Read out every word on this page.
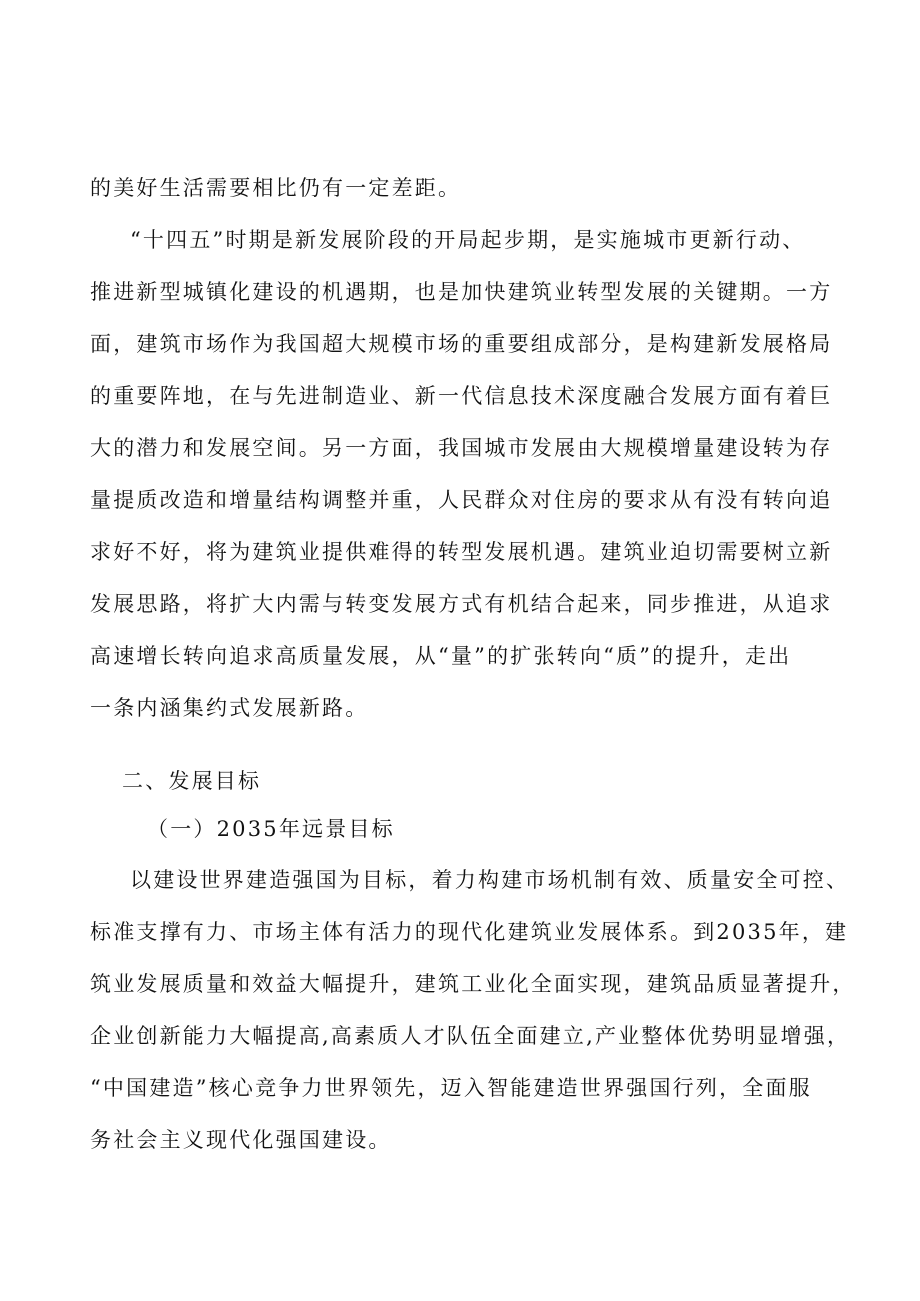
的美好生活需要相比仍有一定差距。
“十四五”时期是新发展阶段的开局起步期，是实施城市更新行动、
推进新型城镇化建设的机遇期，也是加快建筑业转型发展的关键期。一方
面，建筑市场作为我国超大规模市场的重要组成部分，是构建新发展格局
的重要阵地，在与先进制造业、新一代信息技术深度融合发展方面有着巨
大的潜力和发展空间。另一方面，我国城市发展由大规模增量建设转为存
量提质改造和增量结构调整并重，人民群众对住房的要求从有没有转向追
求好不好，将为建筑业提供难得的转型发展机遇。建筑业迫切需要树立新
发展思路，将扩大内需与转变发展方式有机结合起来，同步推进，从追求
高速增长转向追求高质量发展，从“量”的扩张转向“质”的提升，走出
一条内涵集约式发展新路。
二、发展目标
（一）2035年远景目标
以建设世界建造强国为目标，着力构建市场机制有效、质量安全可控、
标准支撑有力、市场主体有活力的现代化建筑业发展体系。到2035年，建
筑业发展质量和效益大幅提升，建筑工业化全面实现，建筑品质显著提升，
企业创新能力大幅提高,高素质人才队伍全面建立,产业整体优势明显增强，
“中国建造”核心竞争力世界领先，迈入智能建造世界强国行列，全面服
务社会主义现代化强国建设。
